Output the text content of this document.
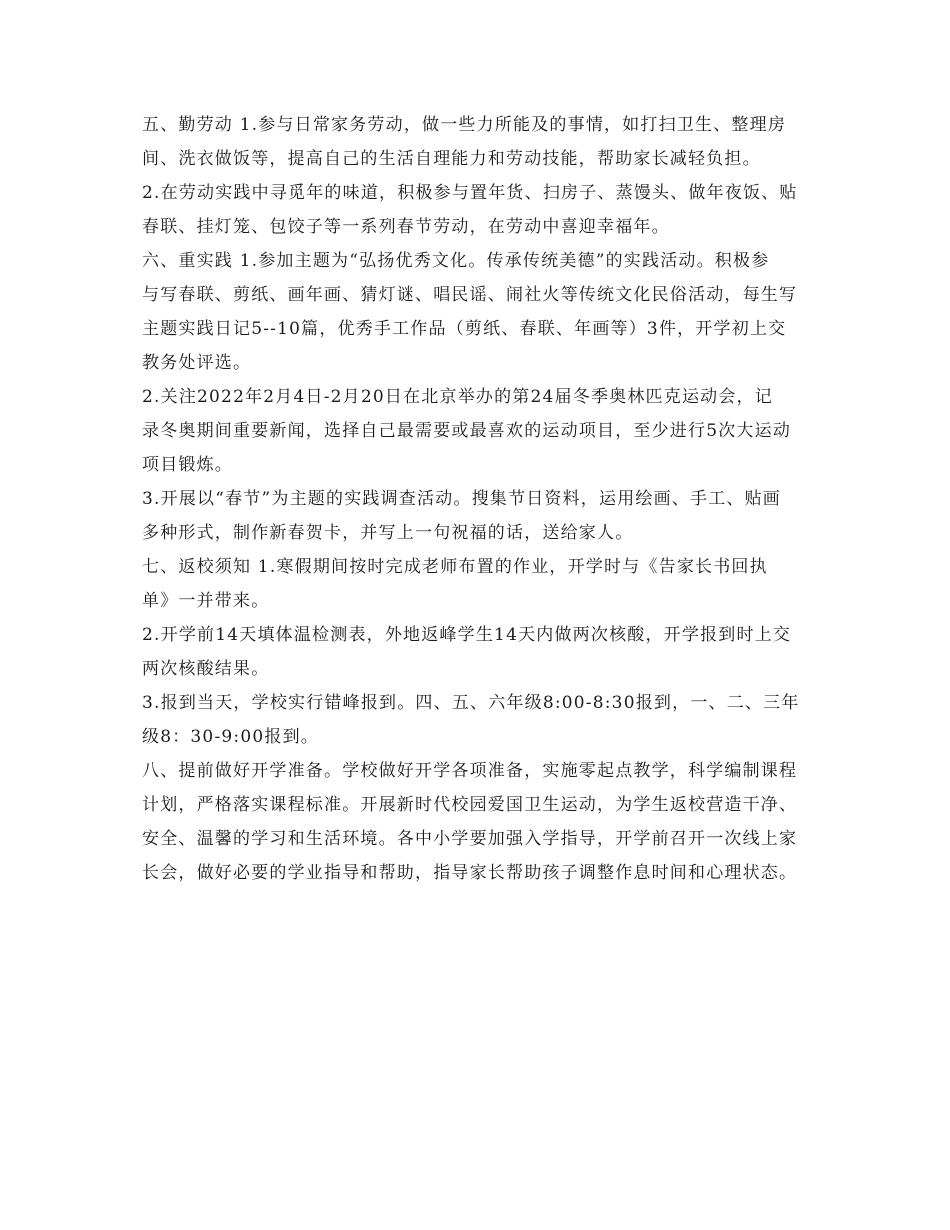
五、勤劳动 1.参与日常家务劳动，做一些力所能及的事情，如打扫卫生、整理房
间、洗衣做饭等，提高自己的生活自理能力和劳动技能，帮助家长减轻负担。
2.在劳动实践中寻觅年的味道，积极参与置年货、扫房子、蒸馒头、做年夜饭、贴
春联、挂灯笼、包饺子等一系列春节劳动，在劳动中喜迎幸福年。
六、重实践 1.参加主题为“弘扬优秀文化。传承传统美德”的实践活动。积极参
与写春联、剪纸、画年画、猜灯谜、唱民谣、闹社火等传统文化民俗活动，每生写
主题实践日记5--10篇，优秀手工作品（剪纸、春联、年画等）3件，开学初上交
教务处评选。
2.关注2022年2月4日-2月20日在北京举办的第24届冬季奥林匹克运动会，记
录冬奥期间重要新闻，选择自己最需要或最喜欢的运动项目，至少进行5次大运动
项目锻炼。
3.开展以“春节”为主题的实践调查活动。搜集节日资料，运用绘画、手工、贴画
多种形式，制作新春贺卡，并写上一句祝福的话，送给家人。
七、返校须知 1.寒假期间按时完成老师布置的作业，开学时与《告家长书回执
单》一并带来。
2.开学前14天填体温检测表，外地返峰学生14天内做两次核酸，开学报到时上交
两次核酸结果。
3.报到当天，学校实行错峰报到。四、五、六年级8:00-8:30报到，一、二、三年
级8：30-9:00报到。
八、提前做好开学准备。学校做好开学各项准备，实施零起点教学，科学编制课程
计划，严格落实课程标准。开展新时代校园爱国卫生运动，为学生返校营造干净、
安全、温馨的学习和生活环境。各中小学要加强入学指导，开学前召开一次线上家
长会，做好必要的学业指导和帮助，指导家长帮助孩子调整作息时间和心理状态。
